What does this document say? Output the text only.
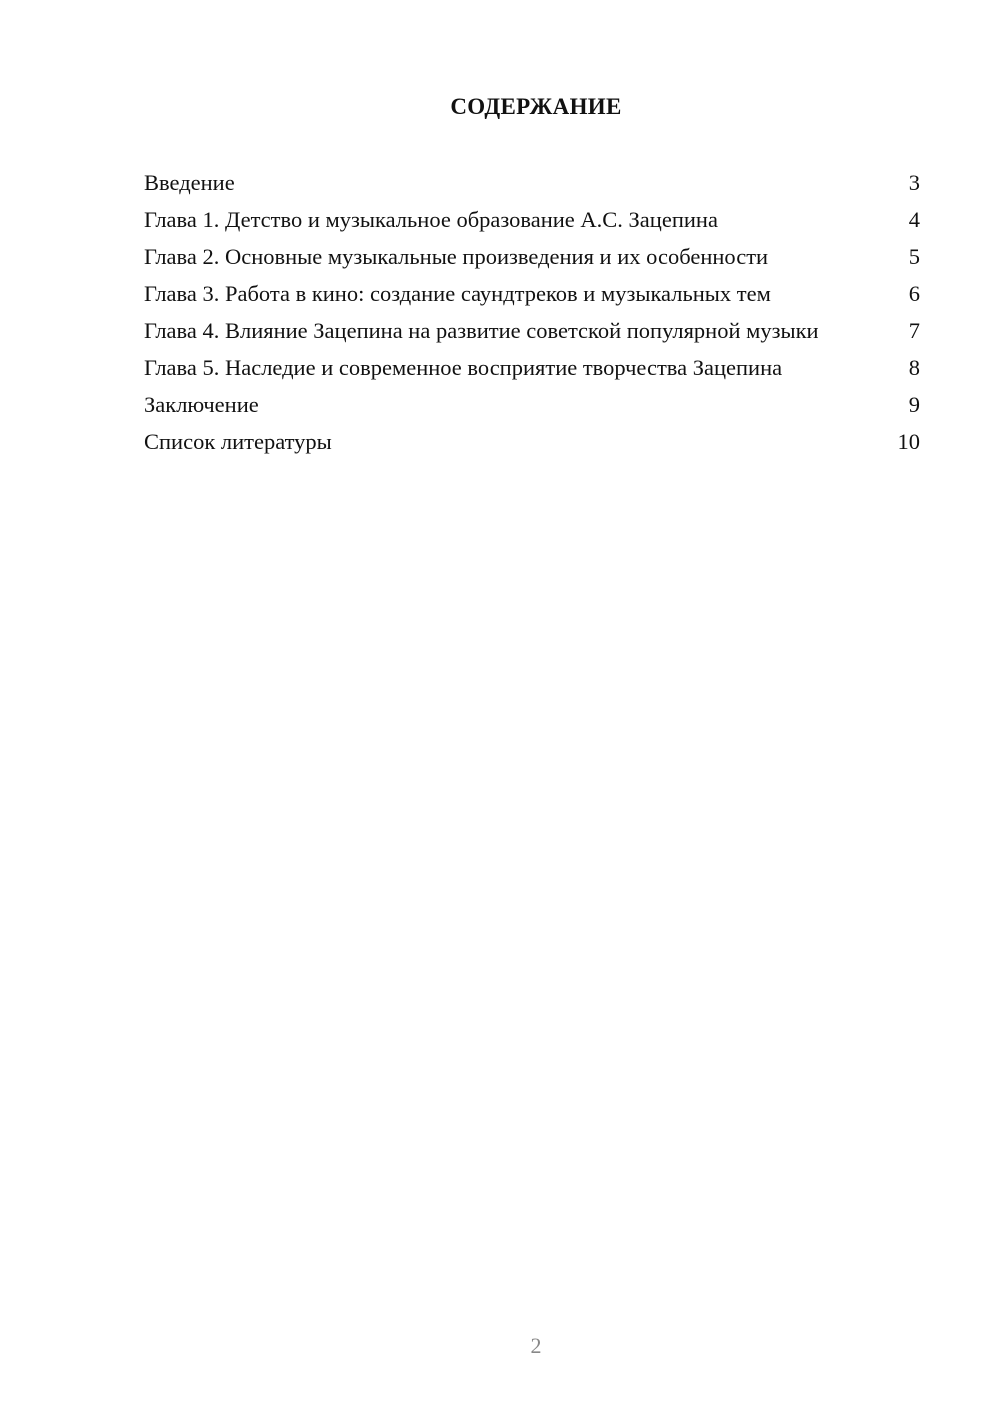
СОДЕРЖАНИЕ
Введение	3
Глава 1. Детство и музыкальное образование А.С. Зацепина	4
Глава 2. Основные музыкальные произведения и их особенности	5
Глава 3. Работа в кино: создание саундтреков и музыкальных тем	6
Глава 4. Влияние Зацепина на развитие советской популярной музыки	7
Глава 5. Наследие и современное восприятие творчества Зацепина	8
Заключение	9
Список литературы	10
2
